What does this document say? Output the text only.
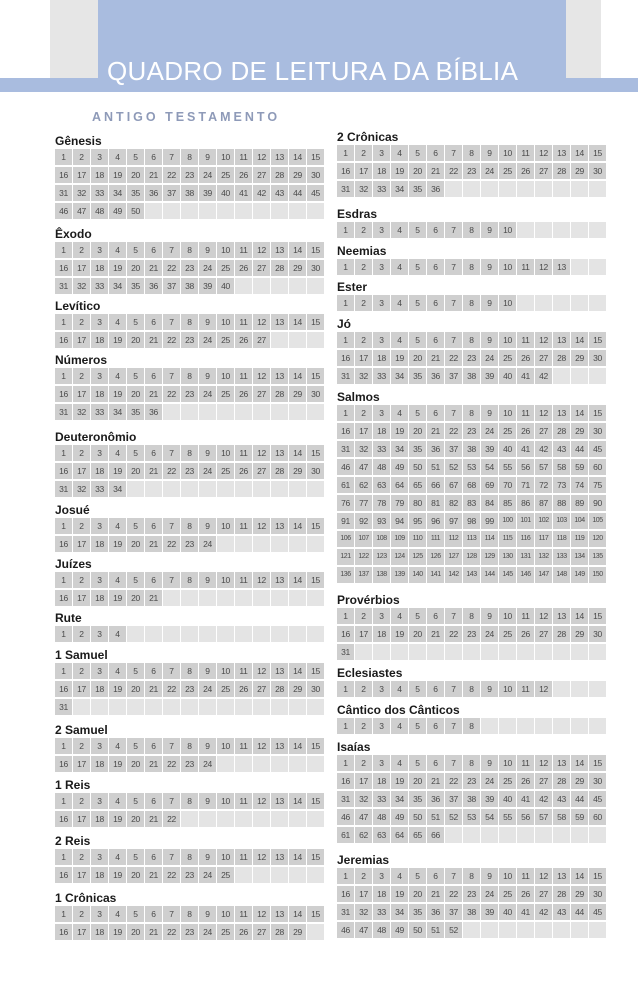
QUADRO DE LEITURA DA BÍBLIA
ANTIGO TESTAMENTO
Gênesis
1	2	3	4	5	6	7	8	9	10	11	12	13	14	15
16	17	18	19	20	21	22	23	24	25	26	27	28	29	30
31	32	33	34	35	36	37	38	39	40	41	42	43	44	45
46	47	48	49	50
Êxodo
1	2	3	4	5	6	7	8	9	10	11	12	13	14	15
16	17	18	19	20	21	22	23	24	25	26	27	28	29	30
31	32	33	34	35	36	37	38	39	40
Levítico
1	2	3	4	5	6	7	8	9	10	11	12	13	14	15
16	17	18	19	20	21	22	23	24	25	26	27
Números
1	2	3	4	5	6	7	8	9	10	11	12	13	14	15
16	17	18	19	20	21	22	23	24	25	26	27	28	29	30
31	32	33	34	35	36
Deuteronômio
1	2	3	4	5	6	7	8	9	10	11	12	13	14	15
16	17	18	19	20	21	22	23	24	25	26	27	28	29	30
31	32	33	34
Josué
1	2	3	4	5	6	7	8	9	10	11	12	13	14	15
16	17	18	19	20	21	22	23	24
Juízes
1	2	3	4	5	6	7	8	9	10	11	12	13	14	15
16	17	18	19	20	21
Rute
1	2	3	4
1 Samuel
1	2	3	4	5	6	7	8	9	10	11	12	13	14	15
16	17	18	19	20	21	22	23	24	25	26	27	28	29	30
31
2 Samuel
1	2	3	4	5	6	7	8	9	10	11	12	13	14	15
16	17	18	19	20	21	22	23	24
1 Reis
1	2	3	4	5	6	7	8	9	10	11	12	13	14	15
16	17	18	19	20	21	22
2 Reis
1	2	3	4	5	6	7	8	9	10	11	12	13	14	15
16	17	18	19	20	21	22	23	24	25
1 Crônicas
1	2	3	4	5	6	7	8	9	10	11	12	13	14	15
16	17	18	19	20	21	22	23	24	25	26	27	28	29
2 Crônicas
1	2	3	4	5	6	7	8	9	10	11	12	13	14	15
16	17	18	19	20	21	22	23	24	25	26	27	28	29	30
31	32	33	34	35	36
Esdras
1	2	3	4	5	6	7	8	9	10
Neemias
1	2	3	4	5	6	7	8	9	10	11	12	13
Ester
1	2	3	4	5	6	7	8	9	10
Jó
1	2	3	4	5	6	7	8	9	10	11	12	13	14	15
16	17	18	19	20	21	22	23	24	25	26	27	28	29	30
31	32	33	34	35	36	37	38	39	40	41	42
Salmos
1	2	3	4	5	6	7	8	9	10	11	12	13	14	15
16	17	18	19	20	21	22	23	24	25	26	27	28	29	30
31	32	33	34	35	36	37	38	39	40	41	42	43	44	45
46	47	48	49	50	51	52	53	54	55	56	57	58	59	60
61	62	63	64	65	66	67	68	69	70	71	72	73	74	75
76	77	78	79	80	81	82	83	84	85	86	87	88	89	90
91	92	93	94	95	96	97	98	99	100	101	102	103	104	105
106	107	108	109	110	111	112	113	114	115	116	117	118	119	120
121	122	123	124	125	126	127	128	129	130	131	132	133	134	135
136	137	138	139	140	141	142	143	144	145	146	147	148	149	150
Provérbios
1	2	3	4	5	6	7	8	9	10	11	12	13	14	15
16	17	18	19	20	21	22	23	24	25	26	27	28	29	30
31
Eclesiastes
1	2	3	4	5	6	7	8	9	10	11	12
Cântico dos Cânticos
1	2	3	4	5	6	7	8
Isaías
1	2	3	4	5	6	7	8	9	10	11	12	13	14	15
16	17	18	19	20	21	22	23	24	25	26	27	28	29	30
31	32	33	34	35	36	37	38	39	40	41	42	43	44	45
46	47	48	49	50	51	52	53	54	55	56	57	58	59	60
61	62	63	64	65	66
Jeremias
1	2	3	4	5	6	7	8	9	10	11	12	13	14	15
16	17	18	19	20	21	22	23	24	25	26	27	28	29	30
31	32	33	34	35	36	37	38	39	40	41	42	43	44	45
46	47	48	49	50	51	52
